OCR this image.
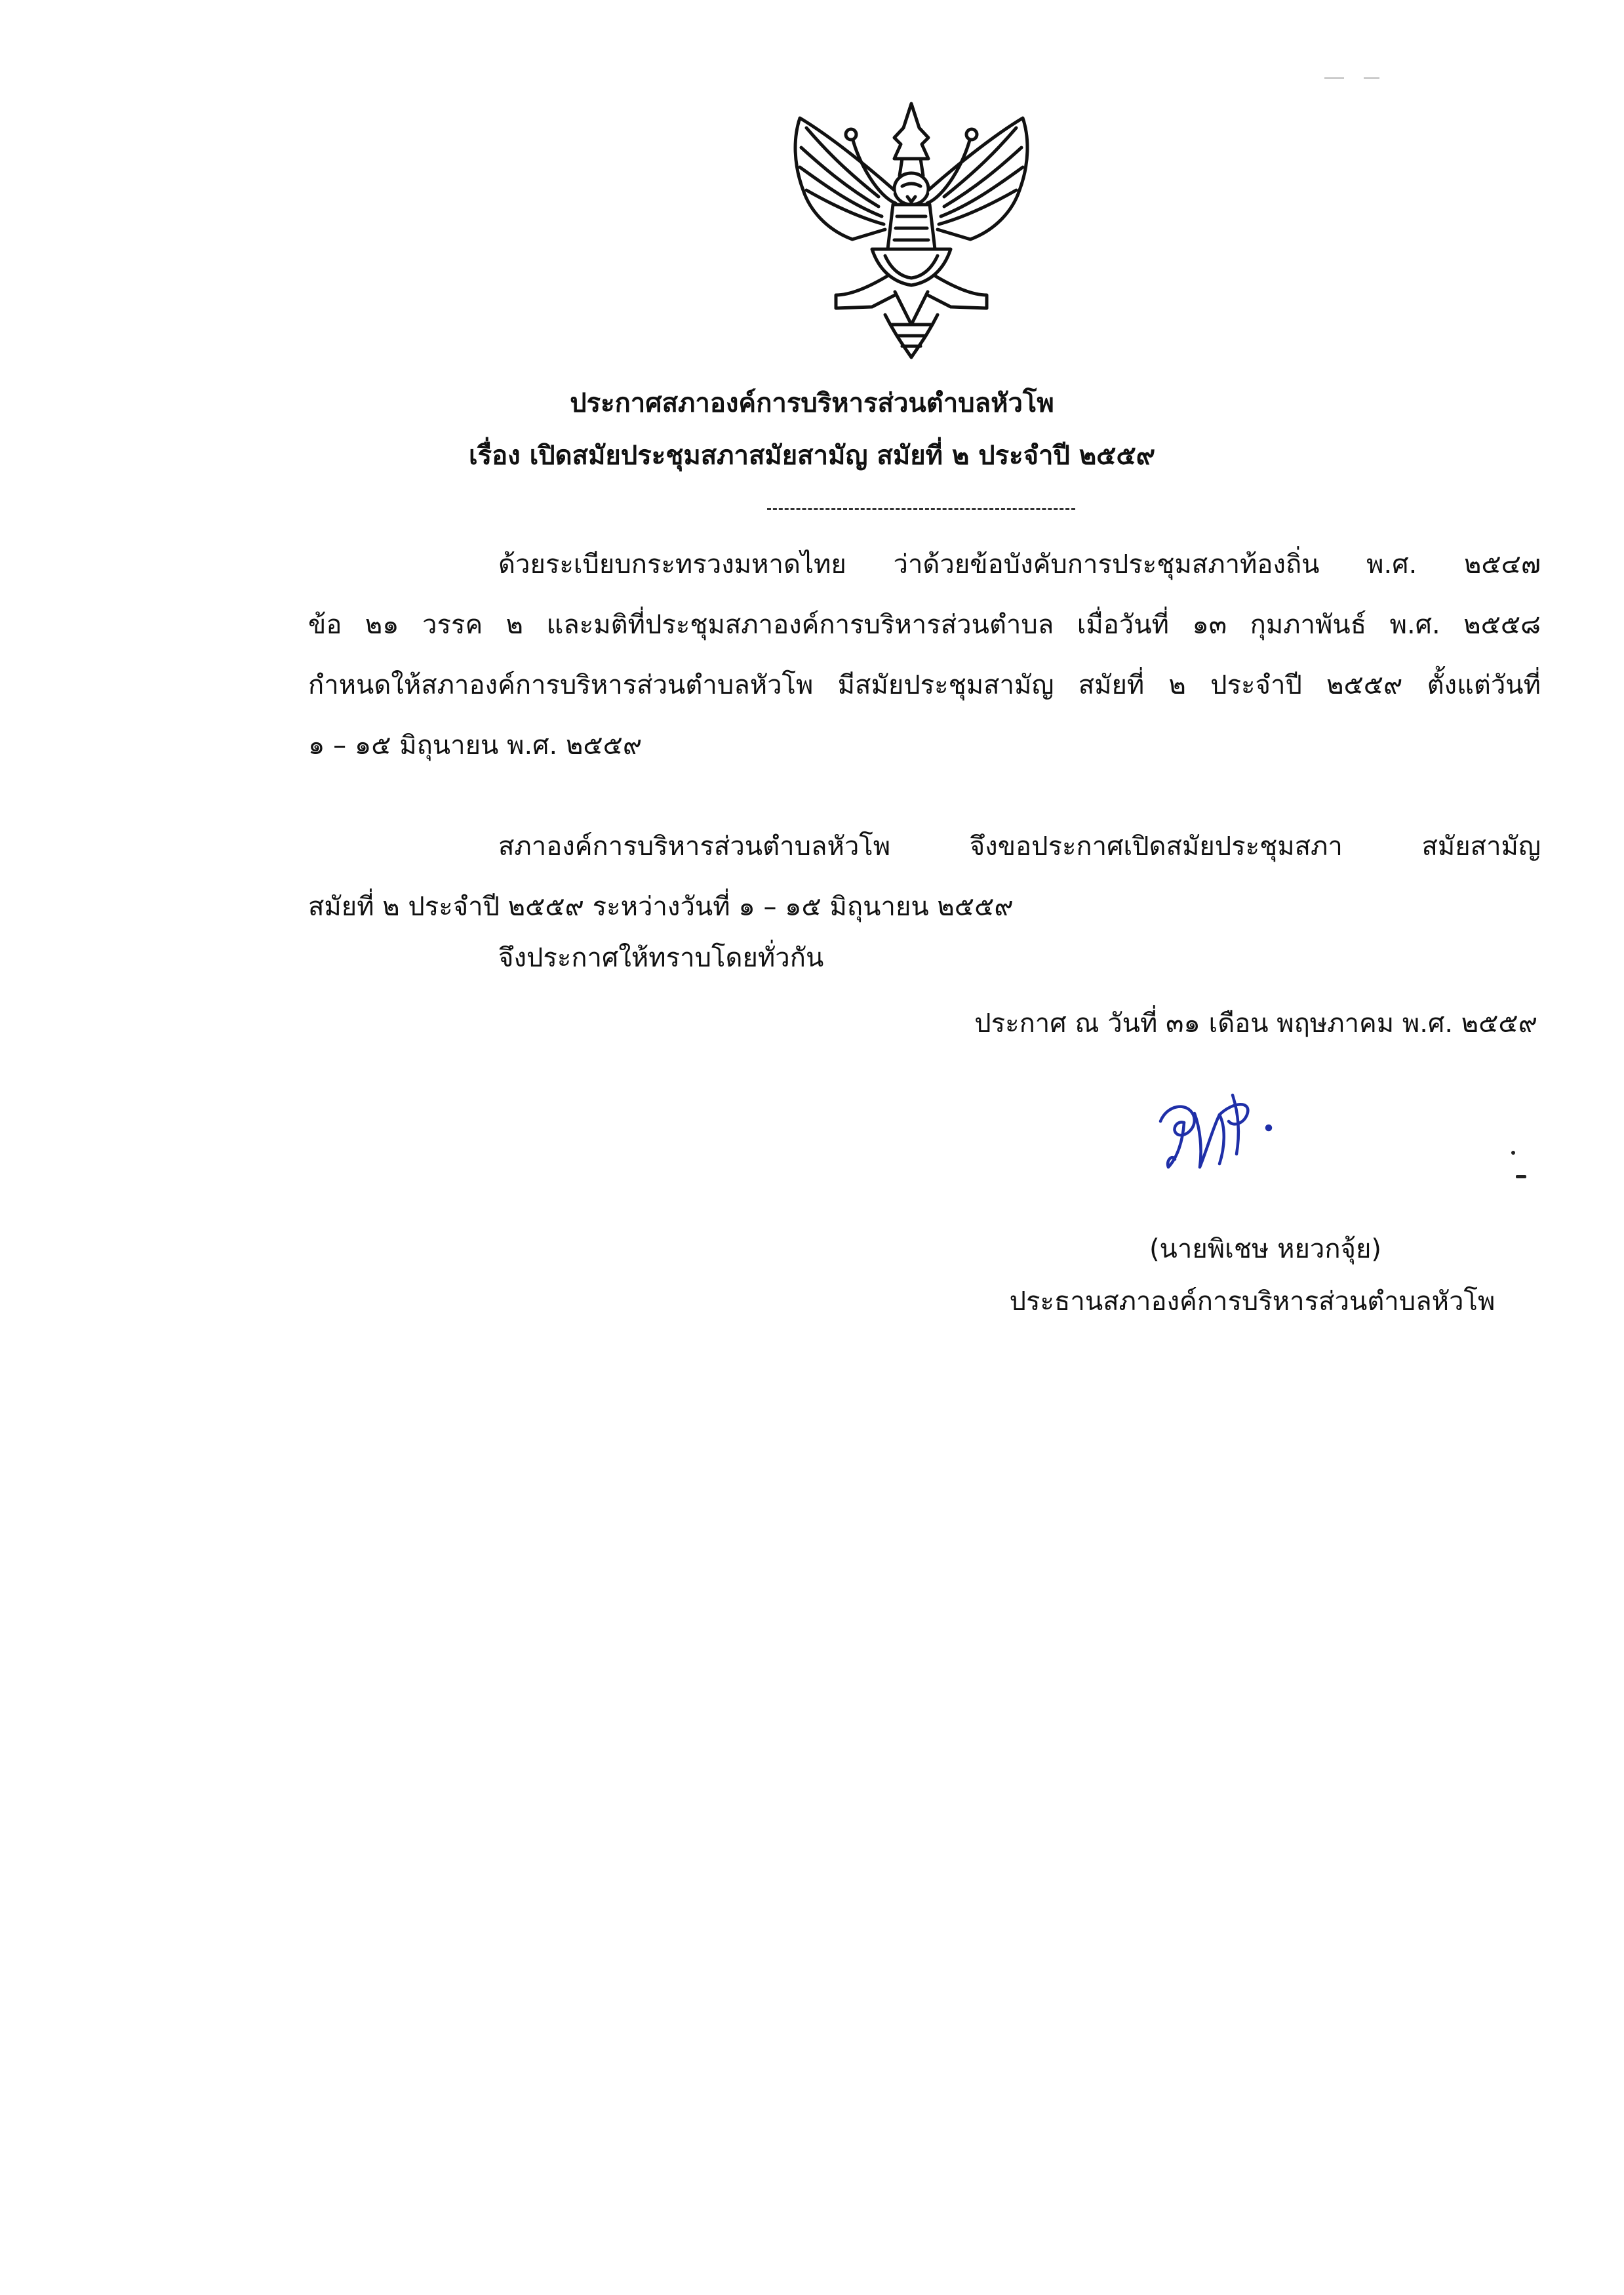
ประกาศสภาองค์การบริหารส่วนตำบลหัวโพ
เรื่อง เปิดสมัยประชุมสภาสมัยสามัญ สมัยที่ ๒ ประจำปี ๒๕๕๙
ด้วยระเบียบกระทรวงมหาดไทย ว่าด้วยข้อบังคับการประชุมสภาท้องถิ่น พ.ศ. ๒๕๔๗
ข้อ ๒๑ วรรค ๒ และมติที่ประชุมสภาองค์การบริหารส่วนตำบล เมื่อวันที่ ๑๓ กุมภาพันธ์ พ.ศ. ๒๕๕๘
กำหนดให้สภาองค์การบริหารส่วนตำบลหัวโพ มีสมัยประชุมสามัญ สมัยที่ ๒ ประจำปี ๒๕๕๙ ตั้งแต่วันที่
๑ – ๑๕ มิถุนายน พ.ศ. ๒๕๕๙
สภาองค์การบริหารส่วนตำบลหัวโพ จึงขอประกาศเปิดสมัยประชุมสภา สมัยสามัญ
สมัยที่ ๒ ประจำปี ๒๕๕๙ ระหว่างวันที่ ๑ – ๑๕ มิถุนายน ๒๕๕๙
จึงประกาศให้ทราบโดยทั่วกัน
ประกาศ ณ วันที่ ๓๑ เดือน พฤษภาคม พ.ศ. ๒๕๕๙
(นายพิเชษ หยวกจุ้ย)
ประธานสภาองค์การบริหารส่วนตำบลหัวโพ
